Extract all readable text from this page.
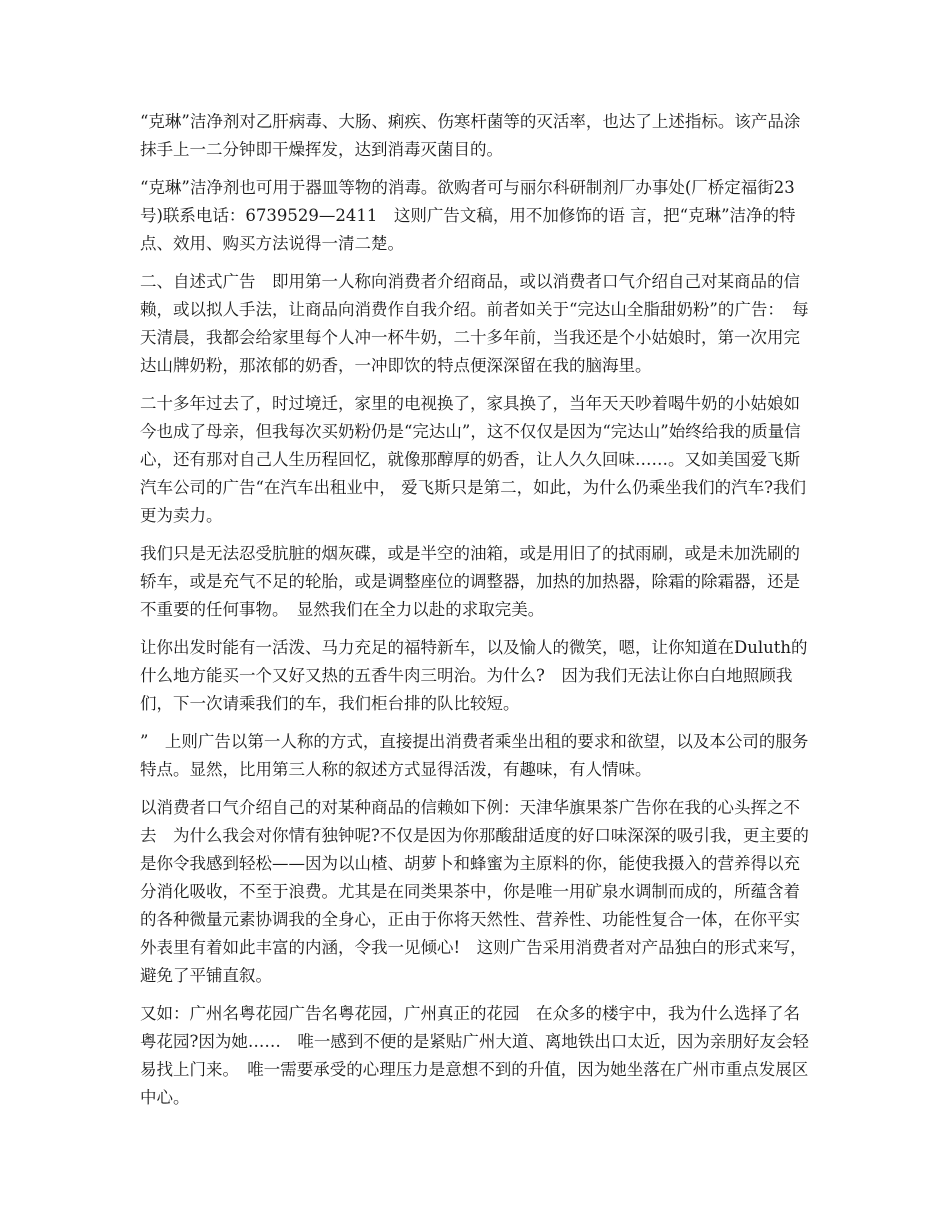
“克琳”洁净剂对乙肝病毒、大肠、痢疾、伤寒杆菌等的灭活率，也达了上述指标。该产品涂抹手上一二分钟即干燥挥发，达到消毒灭菌目的。

“克琳”洁净剂也可用于器皿等物的消毒。欲购者可与丽尔科研制剂厂办事处(厂桥定福街23号)联系电话：6739529—2411　这则广告文稿，用不加修饰的语 言，把“克琳”洁净的特点、效用、购买方法说得一清二楚。

二、自述式广告　即用第一人称向消费者介绍商品，或以消费者口气介绍自己对某商品的信赖，或以拟人手法，让商品向消费作自我介绍。前者如关于“完达山全脂甜奶粉”的广告：　每天清晨，我都会给家里每个人冲一杯牛奶，二十多年前，当我还是个小姑娘时，第一次用完达山牌奶粉，那浓郁的奶香，一冲即饮的特点便深深留在我的脑海里。

二十多年过去了，时过境迁，家里的电视换了，家具换了，当年天天吵着喝牛奶的小姑娘如今也成了母亲，但我每次买奶粉仍是“完达山”，这不仅仅是因为“完达山”始终给我的质量信心，还有那对自己人生历程回忆，就像那醇厚的奶香，让人久久回味……。又如美国爱飞斯汽车公司的广告“在汽车出租业中， 爱飞斯只是第二，如此，为什么仍乘坐我们的汽车?我们更为卖力。

我们只是无法忍受肮脏的烟灰碟，或是半空的油箱，或是用旧了的拭雨刷，或是未加洗刷的轿车，或是充气不足的轮胎，或是调整座位的调整器，加热的加热器，除霜的除霜器，还是不重要的任何事物。　显然我们在全力以赴的求取完美。

让你出发时能有一活泼、马力充足的福特新车，以及愉人的微笑，嗯，让你知道在Duluth的什么地方能买一个又好又热的五香牛肉三明治。为什么?　因为我们无法让你白白地照顾我们，下一次请乘我们的车，我们柜台排的队比较短。

”　上则广告以第一人称的方式，直接提出消费者乘坐出租的要求和欲望，以及本公司的服务特点。显然，比用第三人称的叙述方式显得活泼，有趣味，有人情味。

以消费者口气介绍自己的对某种商品的信赖如下例：天津华旗果茶广告你在我的心头挥之不去　为什么我会对你情有独钟呢?不仅是因为你那酸甜适度的好口味深深的吸引我，更主要的是你令我感到轻松——因为以山楂、胡萝卜和蜂蜜为主原料的你，能使我摄入的营养得以充分消化吸收，不至于浪费。尤其是在同类果茶中，你是唯一用矿泉水调制而成的，所蕴含着的各种微量元素协调我的全身心，正由于你将天然性、营养性、功能性复合一体，在你平实外表里有着如此丰富的内涵，令我一见倾心!　这则广告采用消费者对产品独白的形式来写，避免了平铺直叙。

又如：广州名粤花园广告名粤花园，广州真正的花园　在众多的楼宇中，我为什么选择了名粤花园?因为她……　唯一感到不便的是紧贴广州大道、离地铁出口太近，因为亲朋好友会轻易找上门来。　唯一需要承受的心理压力是意想不到的升值，因为她坐落在广州市重点发展区中心。
